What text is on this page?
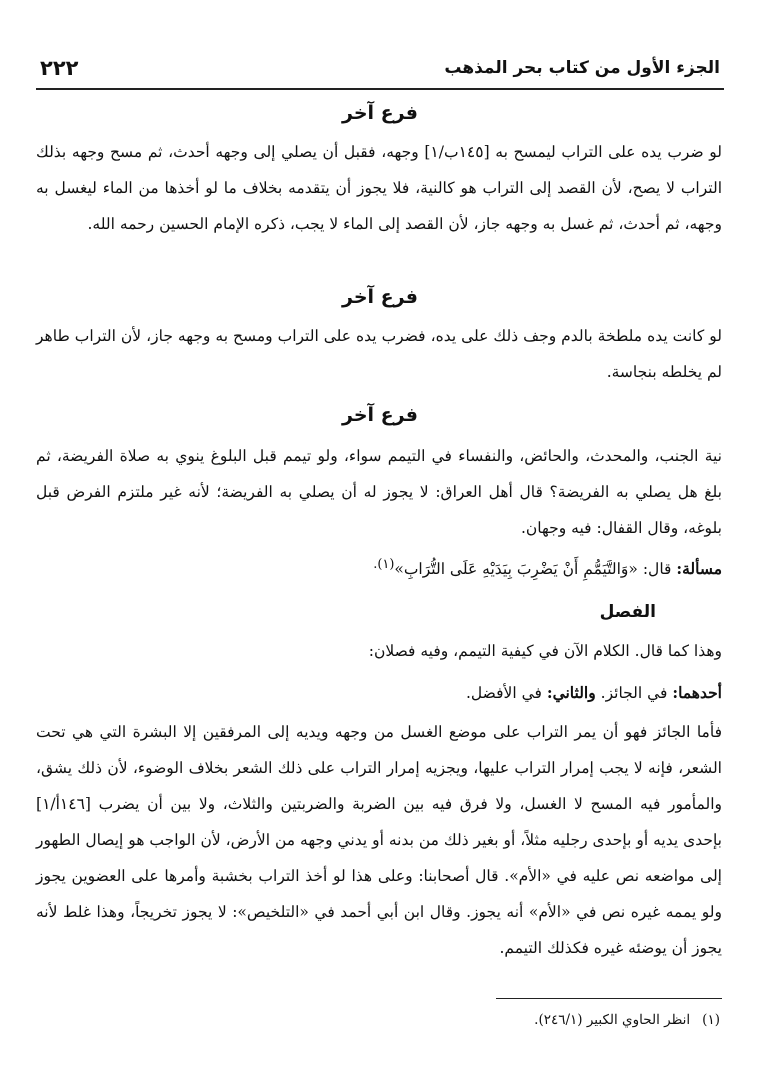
الجزء الأول من كتاب بحر المذهب
٢٢٢
فرع آخر
لو ضرب يده على التراب ليمسح به [١٤٥ب/١] وجهه، فقبل أن يصلي إلى وجهه أحدث، ثم مسح وجهه بذلك التراب لا يصح، لأن القصد إلى التراب هو كالنية، فلا يجوز أن يتقدمه بخلاف ما لو أخذها من الماء ليغسل به وجهه، ثم أحدث، ثم غسل به وجهه جاز، لأن القصد إلى الماء لا يجب، ذكره الإمام الحسين رحمه الله.
فرع آخر
لو كانت يده ملطخة بالدم وجف ذلك على يده، فضرب يده على التراب ومسح به وجهه جاز، لأن التراب طاهر لم يخلطه بنجاسة.
فرع آخر
نية الجنب، والمحدث، والحائض، والنفساء في التيمم سواء، ولو تيمم قبل البلوغ ينوي به صلاة الفريضة، ثم بلغ هل يصلي به الفريضة؟ قال أهل العراق: لا يجوز له أن يصلي به الفريضة؛ لأنه غير ملتزم الفرض قبل بلوغه، وقال القفال: فيه وجهان.
مسألة: قال: «وَالتَّيَمُّمِ أَنْ يَضْرِبَ بِيَدَيْهِ عَلَى التُّرَابِ»$^{(١).}$
الفصل
وهذا كما قال. الكلام الآن في كيفية التيمم، وفيه فصلان:
أحدهما: في الجائز. والثاني: في الأفضل.
فأما الجائز فهو أن يمر التراب على موضع الغسل من وجهه ويديه إلى المرفقين إلا البشرة التي هي تحت الشعر، فإنه لا يجب إمرار التراب عليها، ويجزيه إمرار التراب على ذلك الشعر بخلاف الوضوء، لأن ذلك يشق، والمأمور فيه المسح لا الغسل، ولا فرق فيه بين الضربة والضربتين والثلاث، ولا بين أن يضرب [١٤٦أ/١] بإحدى يديه أو بإحدى رجليه مثلاً، أو بغير ذلك من بدنه أو يدني وجهه من الأرض، لأن الواجب هو إيصال الطهور إلى مواضعه نص عليه في «الأم». قال أصحابنا: وعلى هذا لو أخذ التراب بخشبة وأمرها على العضوين يجوز ولو يممه غيره نص في «الأم» أنه يجوز. وقال ابن أبي أحمد في «التلخيص»: لا يجوز تخريجاً، وهذا غلط لأنه يجوز أن يوضئه غيره فكذلك التيمم.
(١)انظر الحاوي الكبير (٢٤٦/١).
